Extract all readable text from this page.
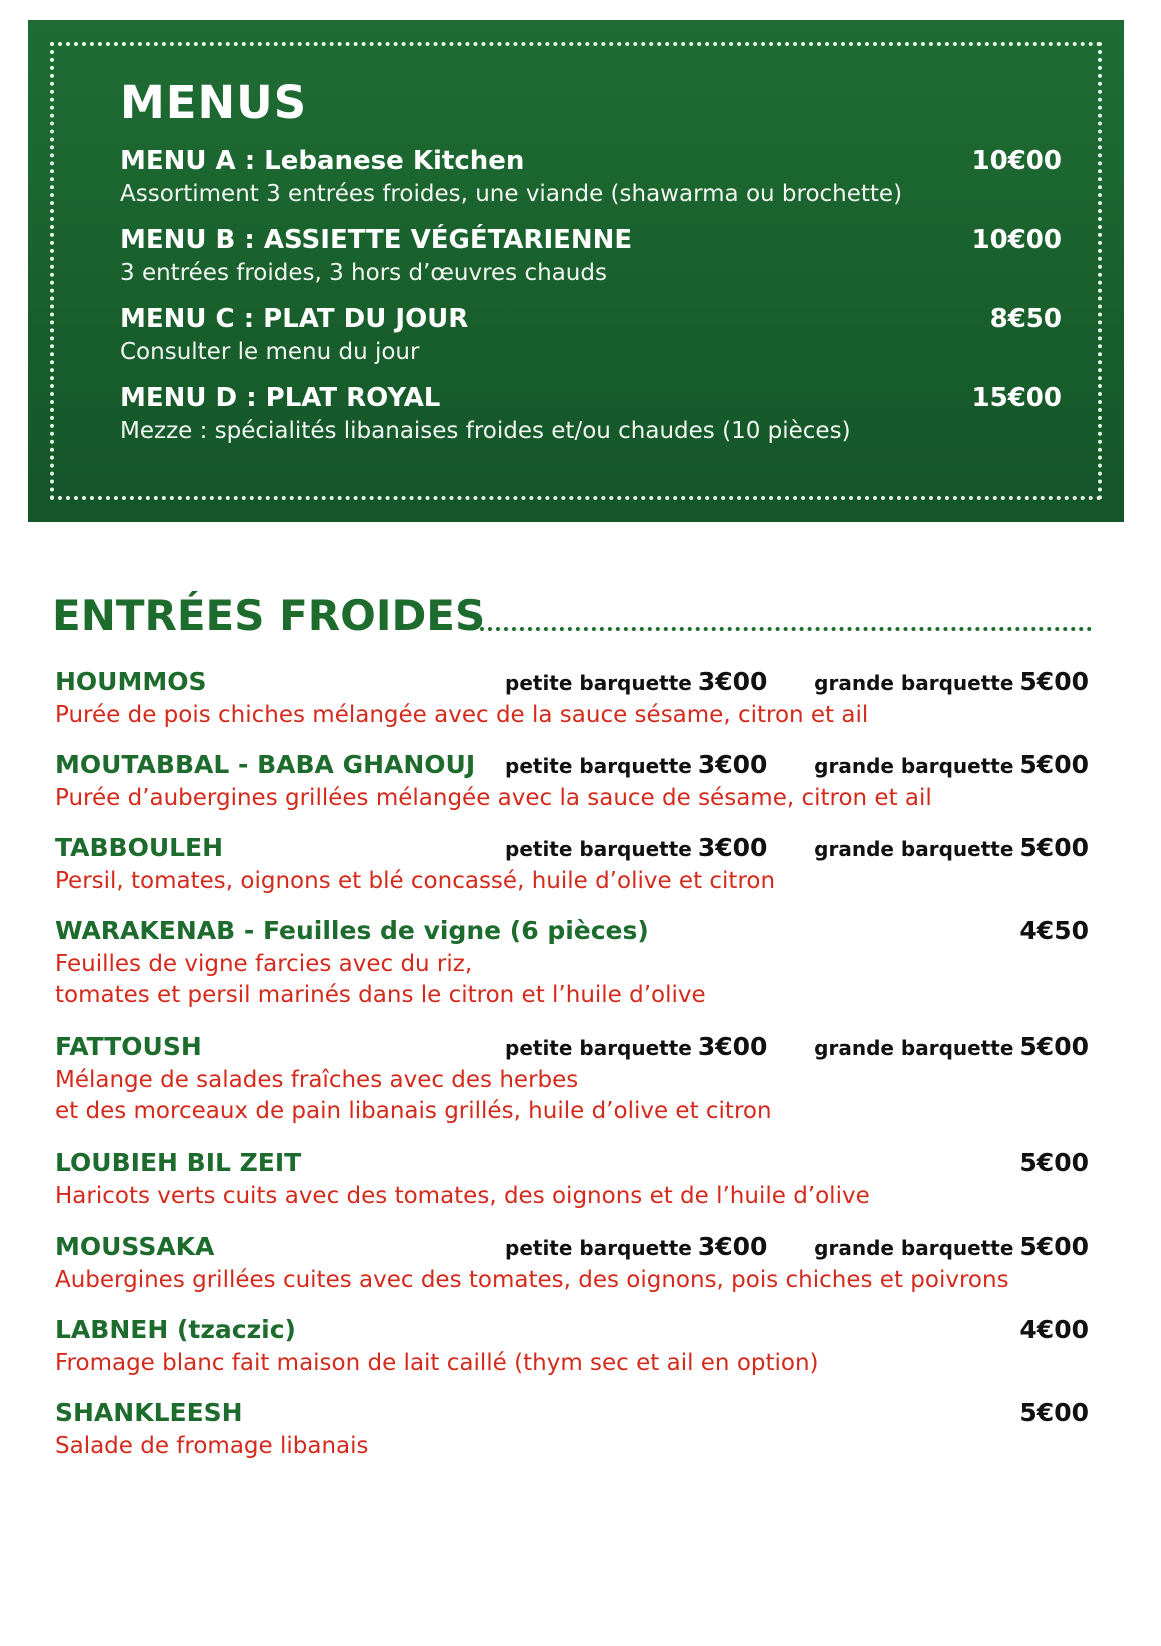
MENUS
MENU A : Lebanese Kitchen	10€00
Assortiment 3 entrées froides, une viande (shawarma ou brochette)
MENU B : ASSIETTE VÉGÉTARIENNE	10€00
3 entrées froides, 3 hors d’œuvres chauds
MENU C : PLAT DU JOUR	8€50
Consulter le menu du jour
MENU D : PLAT ROYAL	15€00
Mezze : spécialités libanaises froides et/ou chaudes (10 pièces)
ENTRÉES FROIDES
HOUMMOS	petite barquette 3€00 grande barquette 5€00
Purée de pois chiches mélangée avec de la sauce sésame, citron et ail
MOUTABBAL - BABA GHANOUJ petite barquette 3€00 grande barquette 5€00
Purée d’aubergines grillées mélangée avec la sauce de sésame, citron et ail
TABBOULEH	petite barquette 3€00 grande barquette 5€00
Persil, tomates, oignons et blé concassé, huile d’olive et citron
WARAKENAB - Feuilles de vigne (6 pièces)	4€50
Feuilles de vigne farcies avec du riz,
tomates et persil marinés dans le citron et l’huile d’olive
FATTOUSH	petite barquette 3€00 grande barquette 5€00
Mélange de salades fraîches avec des herbes
et des morceaux de pain libanais grillés, huile d’olive et citron
LOUBIEH BIL ZEIT	5€00
Haricots verts cuits avec des tomates, des oignons et de l’huile d’olive
MOUSSAKA	petite barquette 3€00 grande barquette 5€00
Aubergines grillées cuites avec des tomates, des oignons, pois chiches et poivrons
LABNEH (tzaczic)	4€00
Fromage blanc fait maison de lait caillé (thym sec et ail en option)
SHANKLEESH	5€00
Salade de fromage libanais
